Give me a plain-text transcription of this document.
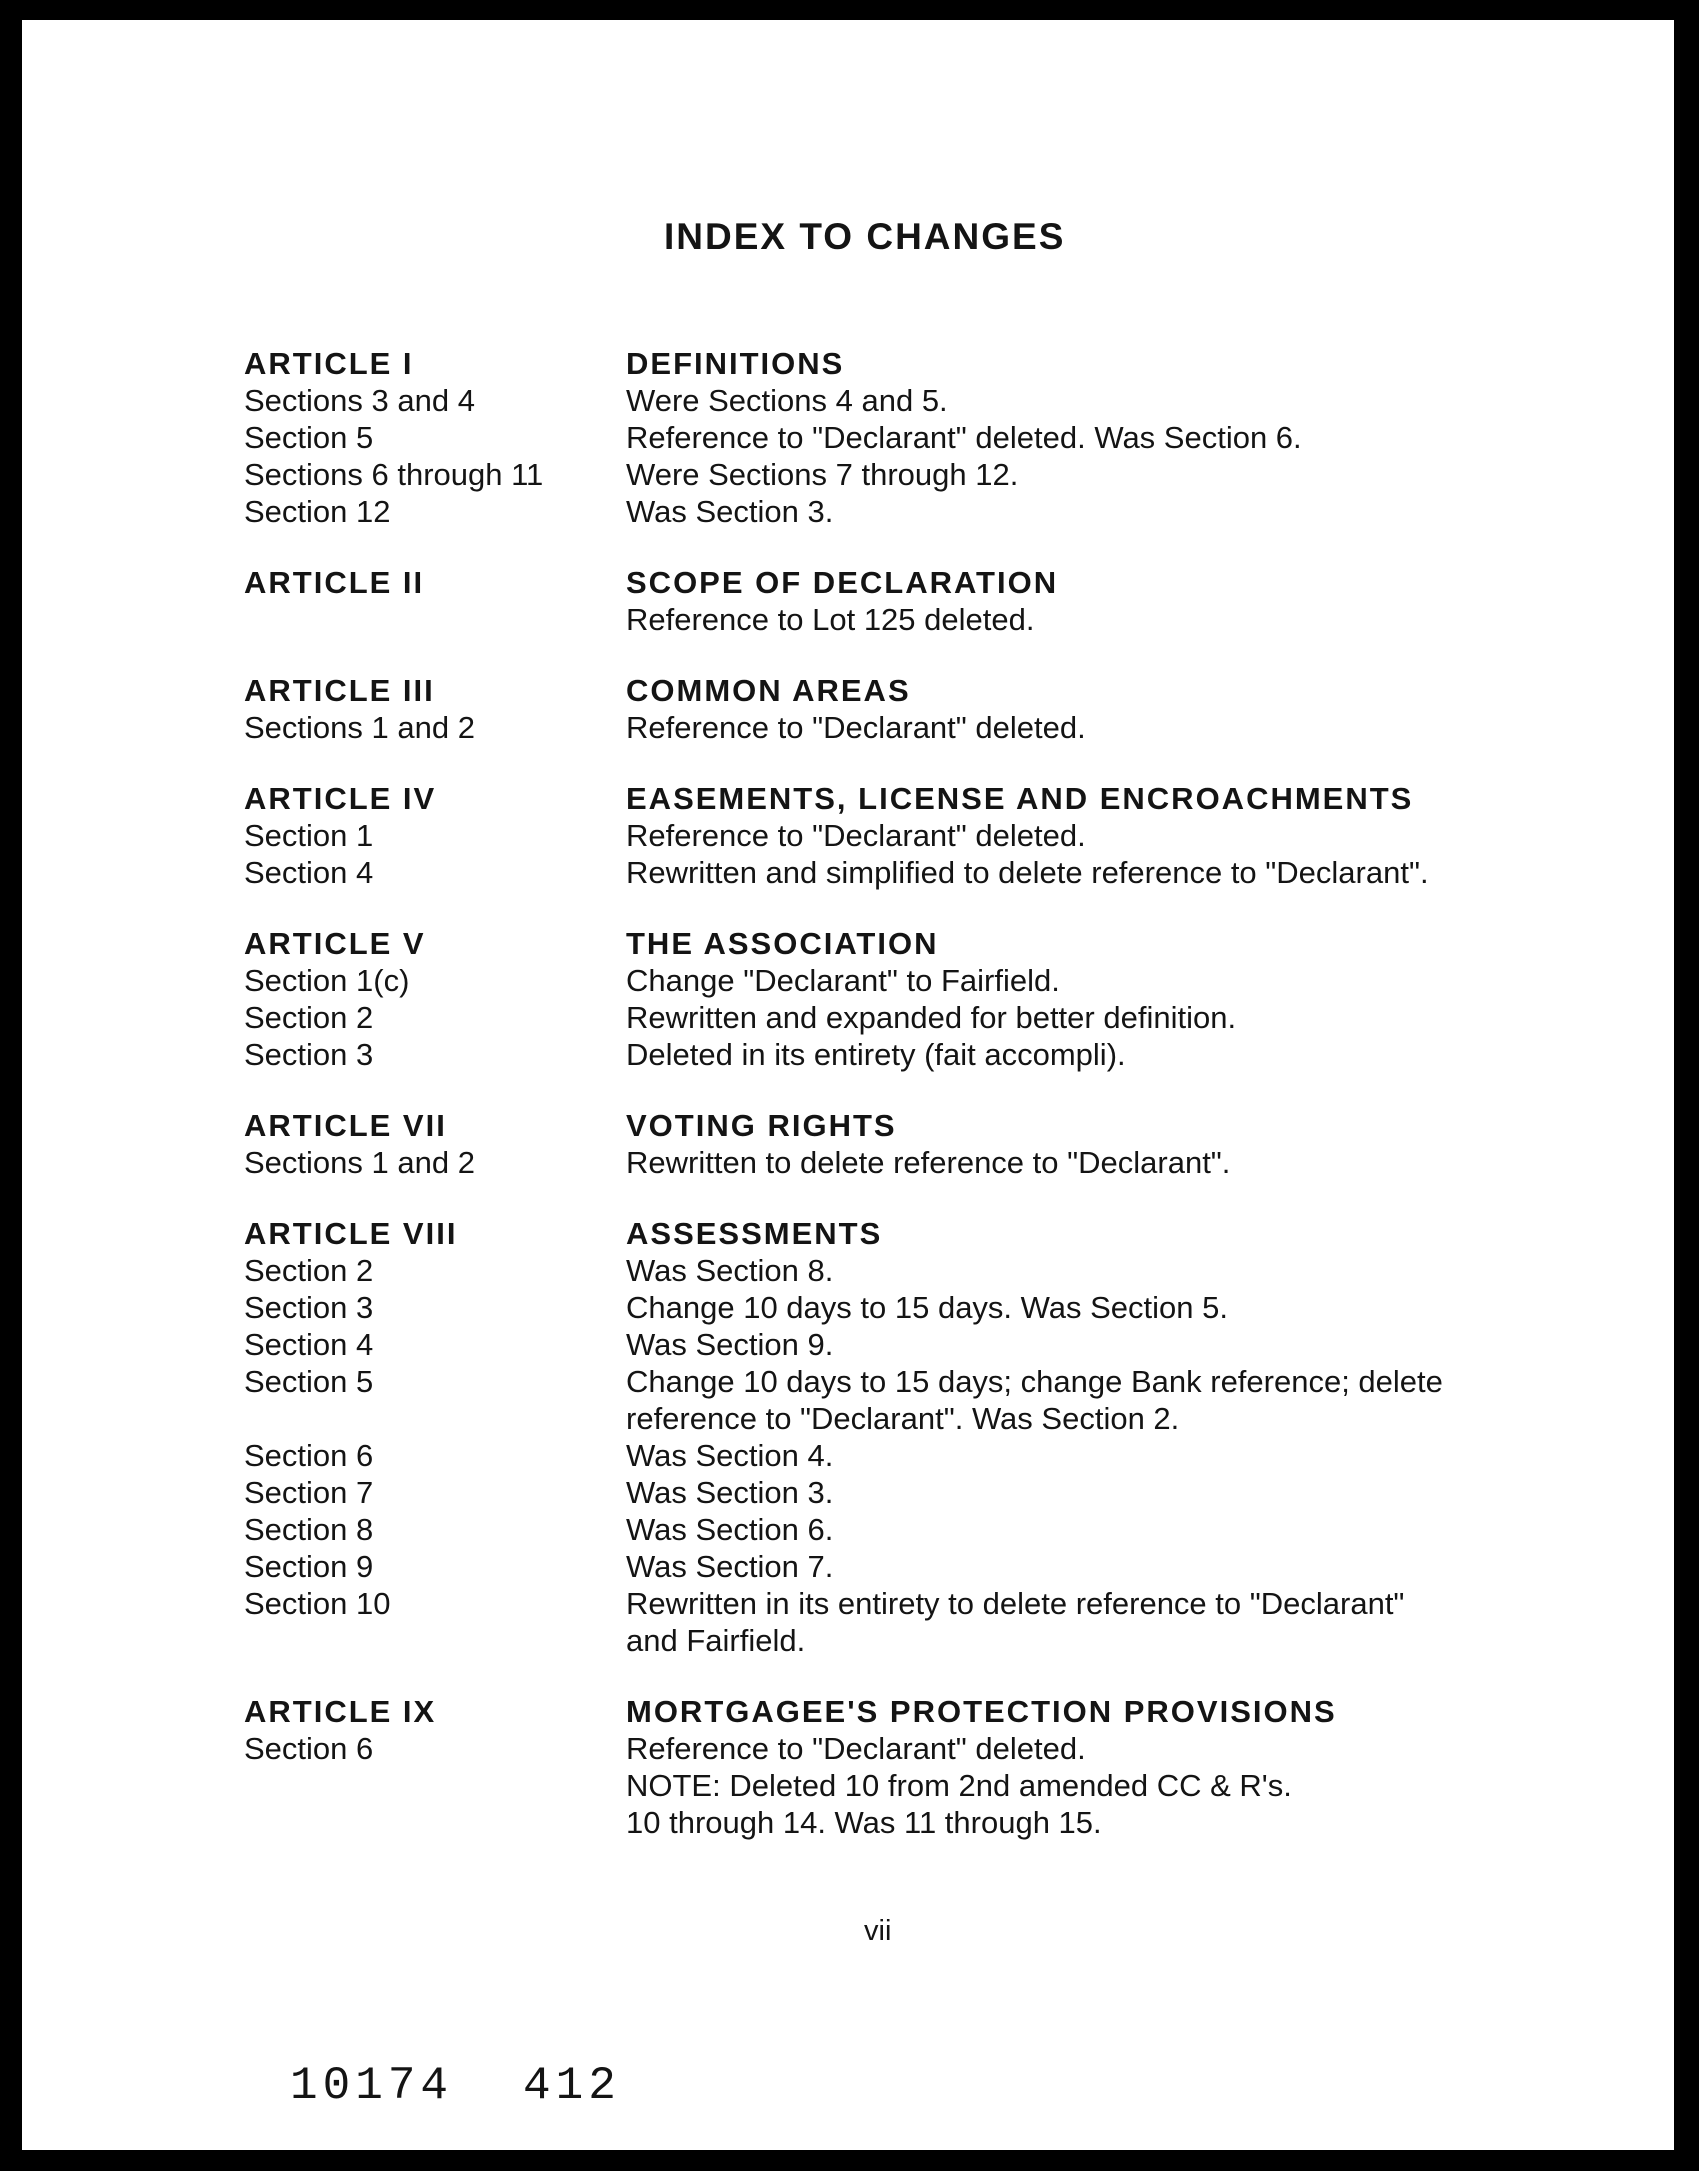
INDEX TO CHANGES
ARTICLE I
Sections 3 and 4
Section 5
Sections 6 through 11
Section 12
DEFINITIONS
Were Sections 4 and 5.
Reference to "Declarant" deleted. Was Section 6.
Were Sections 7 through 12.
Was Section 3.
ARTICLE II
	SCOPE OF DECLARATION
Reference to Lot 125 deleted.
ARTICLE III
Sections 1 and 2
COMMON AREAS
Reference to "Declarant" deleted.
ARTICLE IV
Section 1
Section 4
EASEMENTS, LICENSE AND ENCROACHMENTS
Reference to "Declarant" deleted.
Rewritten and simplified to delete reference to "Declarant".
ARTICLE V
Section 1(c)
Section 2
Section 3
THE ASSOCIATION
Change "Declarant" to Fairfield.
Rewritten and expanded for better definition.
Deleted in its entirety (fait accompli).
ARTICLE VII
Sections 1 and 2
VOTING RIGHTS
Rewritten to delete reference to "Declarant".
ARTICLE VIII
Section 2
Section 3
Section 4
Section 5

Section 6
Section 7
Section 8
Section 9
Section 10

ASSESSMENTS
Was Section 8.
Change 10 days to 15 days. Was Section 5.
Was Section 9.
Change 10 days to 15 days; change Bank reference; delete
reference to "Declarant". Was Section 2.
Was Section 4.
Was Section 3.
Was Section 6.
Was Section 7.
Rewritten in its entirety to delete reference to "Declarant"
and Fairfield.
ARTICLE IX
Section 6

MORTGAGEE'S PROTECTION PROVISIONS
Reference to "Declarant" deleted.
NOTE: Deleted 10 from 2nd amended CC & R's.
10 through 14. Was 11 through 15.
vii
10174 412
